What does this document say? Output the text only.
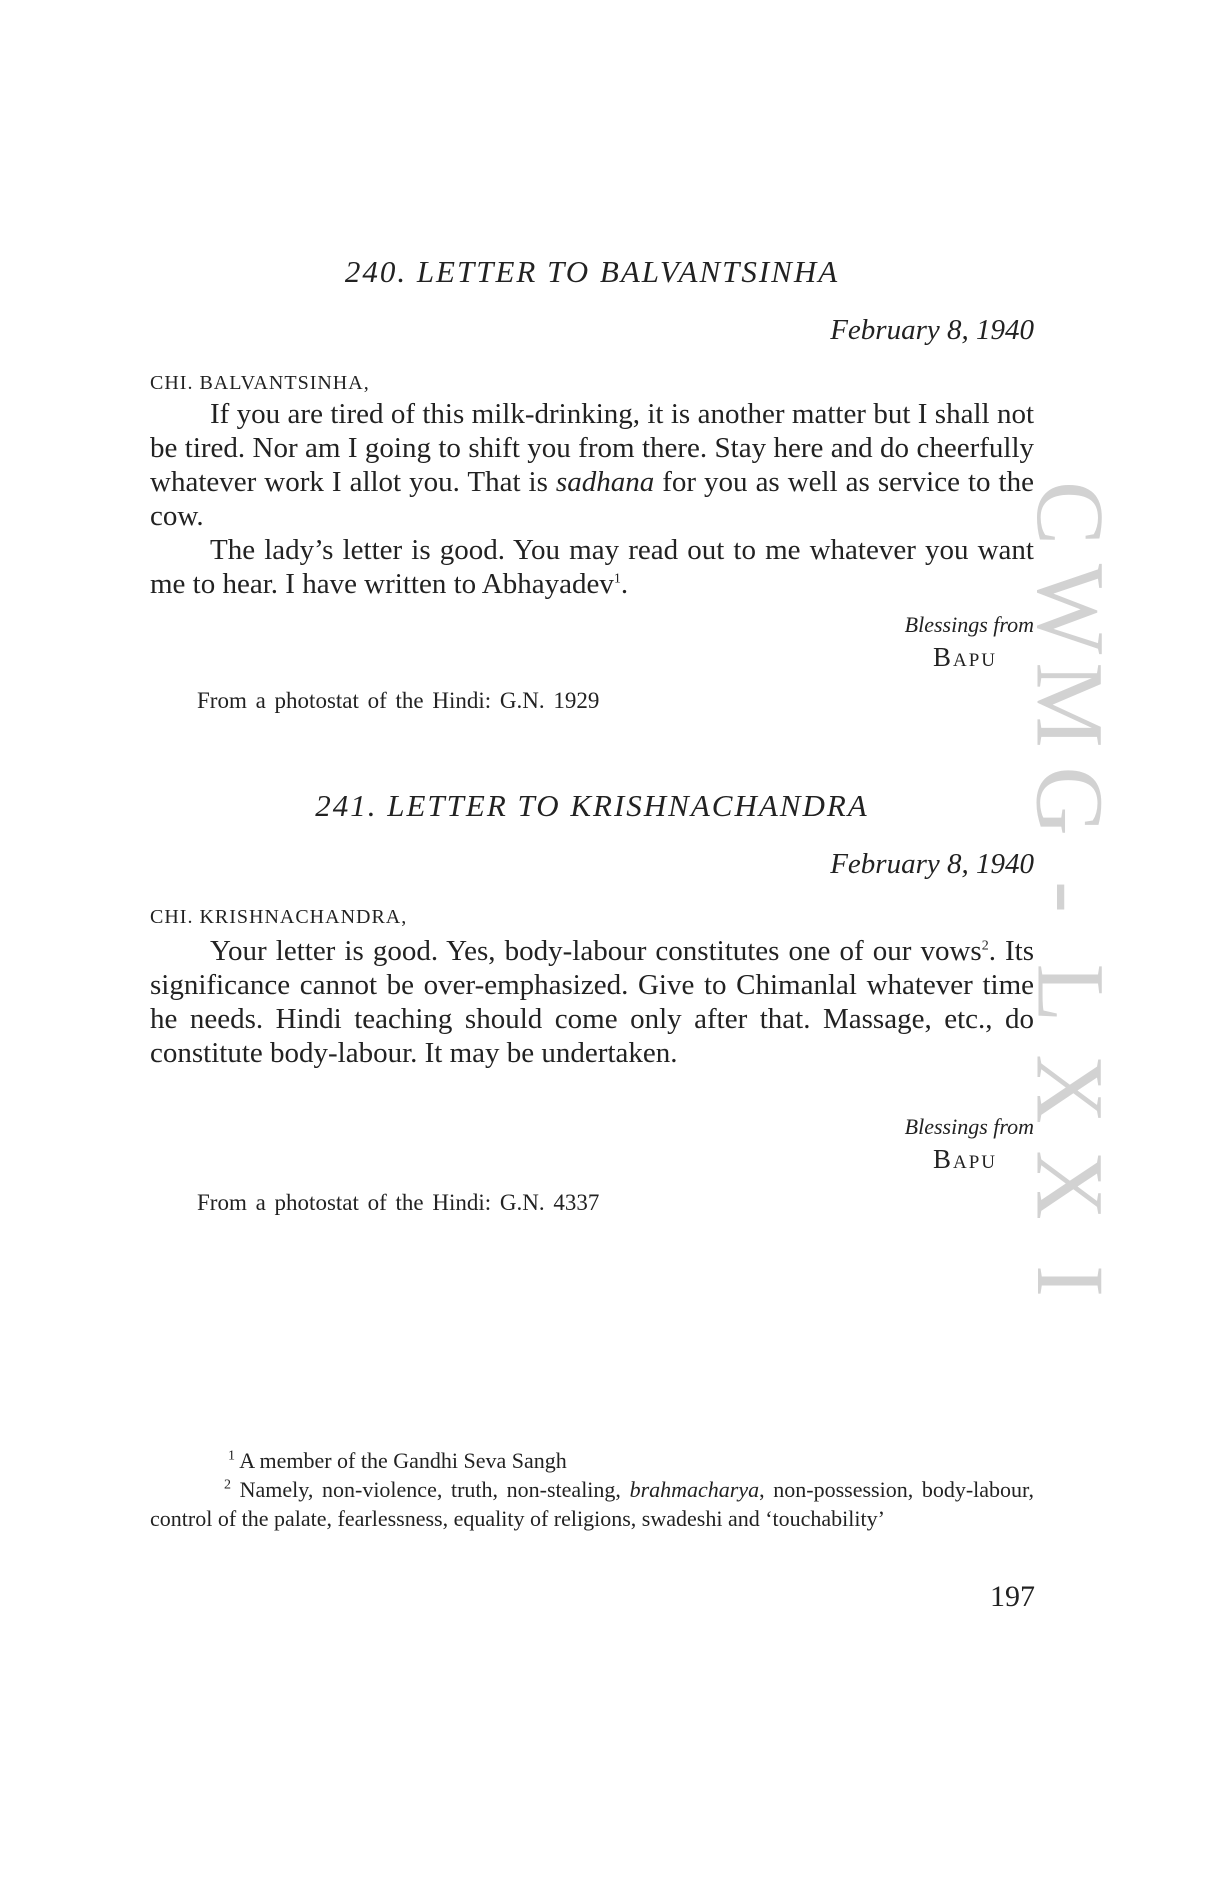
240. LETTER TO BALVANTSINHA
February 8, 1940
CHI. BALVANTSINHA,

If you are tired of this milk-drinking, it is another matter but I shall not be tired. Nor am I going to shift you from there. Stay here and do cheerfully whatever work I allot you. That is sadhana for you as well as service to the cow.

The lady’s letter is good. You may read out to me whatever you want me to hear. I have written to Abhayadev$^1$.

Blessings from
Bapu
From a photostat of the Hindi: G.N. 1929
241. LETTER TO KRISHNACHANDRA
February 8, 1940
CHI. KRISHNACHANDRA,

Your letter is good. Yes, body-labour constitutes one of our vows$^2$. Its significance cannot be over-emphasized. Give to Chimanlal whatever time he needs. Hindi teaching should come only after that. Massage, etc., do constitute body-labour. It may be undertaken.

Blessings from
Bapu
From a photostat of the Hindi: G.N. 4337
C
W
M
G
-
L
X
X
I

$^1$ A member of the Gandhi Seva Sangh

$^2$ Namely, non-violence, truth, non-stealing, brahmacharya, non-possession, body-labour, control of the palate, fearlessness, equality of religions, swadeshi and ‘touchability’

197
